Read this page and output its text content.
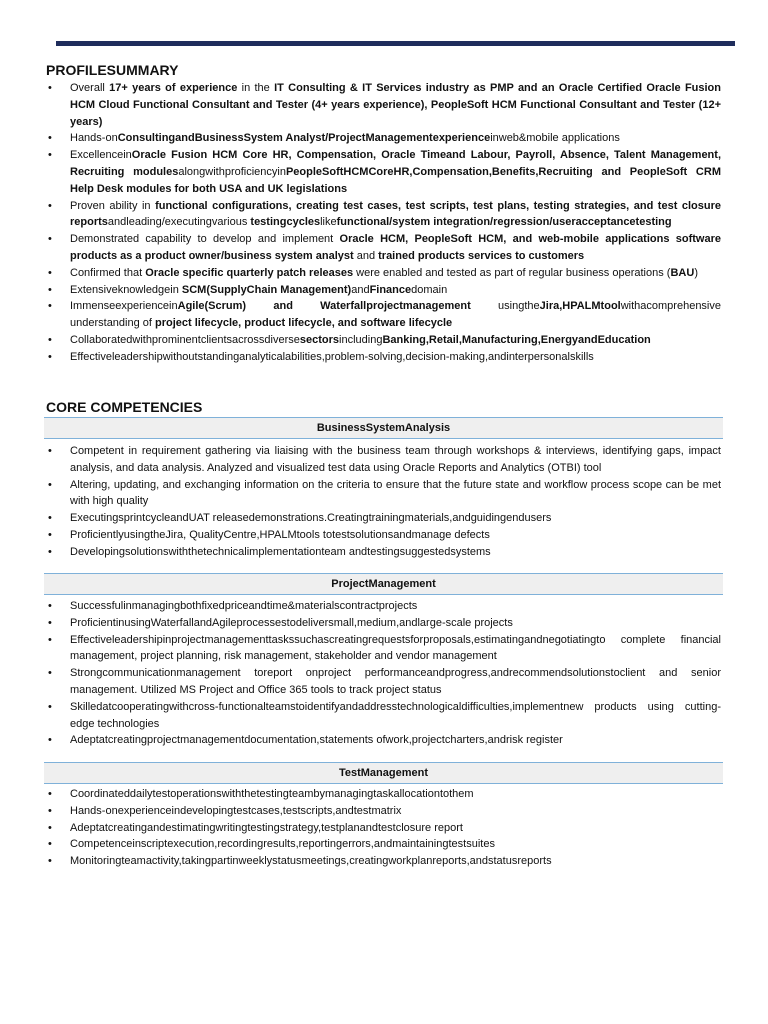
PROFILESUMMARY
• Overall 17+ years of experience in the IT Consulting & IT Services industry as PMP and an Oracle Certified Oracle Fusion HCM Cloud Functional Consultant and Tester (4+ years experience), PeopleSoft HCM Functional Consultant and Tester (12+ years)
• Hands-onConsultingandBusinessSystem Analyst/ProjectManagementexperienceinweb&mobile applications
• ExcellenceinOracle Fusion HCM Core HR, Compensation, Oracle Timeand Labour, Payroll, Absence, Talent Management, Recruiting modulesalongwithproficiencyinPeopleSoftHCMCoreHR,Compensation,Benefits,Recruiting and PeopleSoft CRM Help Desk modules for both USA and UK legislations
• Proven ability in functional configurations, creating test cases, test scripts, test plans, testing strategies, and test closure reportsandleading/executingvarious testingcycleslikefunctional/system integration/regression/useracceptancetesting
• Demonstrated capability to develop and implement Oracle HCM, PeopleSoft HCM, and web-mobile applications software products as a product owner/business system analyst and trained products services to customers
• Confirmed that Oracle specific quarterly patch releases were enabled and tested as part of regular business operations (BAU)
• Extensiveknowledgein SCM(SupplyChain Management)andFinancedomain
• ImmenseexperienceinAgile(Scrum) and Waterfallprojectmanagement usingtheJira,HPALMtoolwithacomprehensive understanding of project lifecycle, product lifecycle, and software lifecycle
• CollaboratedwithprominentclientsacrossdiversesectorsincludingBanking,Retail,Manufacturing,EnergyandEducation
• Effectiveleadershipwithoutstandinganalyticalabilities,problem-solving,decision-making,andinterpersonalskills
CORE COMPETENCIES
BusinessSystemAnalysis
• Competent in requirement gathering via liaising with the business team through workshops & interviews, identifying gaps, impact analysis, and data analysis. Analyzed and visualized test data using Oracle Reports and Analytics (OTBI) tool
• Altering, updating, and exchanging information on the criteria to ensure that the future state and workflow process scope can be met with high quality
• ExecutingsprintcycleandUAT releasedemonstrations.Creatingtrainingmaterials,andguidingendusers
• ProficientlyusingtheJira, QualityCentre,HPALMtools totestsolutionsandmanage defects
• Developingsolutionswiththetechnicalimplementationteam andtestingsuggestedsystems
ProjectManagement
• Successfulinmanagingbothfixedpriceandtime&materialscontractprojects
• ProficientinusingWaterfallandAgileprocessestodeliversmall,medium,andlarge-scale projects
• Effectiveleadershipinprojectmanagementtaskssuchascreatingrequestsforproposals,estimatingandnegotiatingto complete financial management, project planning, risk management, stakeholder and vendor management
• Strongcommunicationmanagement toreport onproject performanceandprogress,andrecommendsolutionstoclient and senior management. Utilized MS Project and Office 365 tools to track project status
• Skilledatcooperatingwithcross-functionalteamstoidentifyandaddresstechnologicaldifficulties,implementnew products using cutting-edge technologies
• Adeptatcreatingprojectmanagementdocumentation,statements ofwork,projectcharters,andrisk register
TestManagement
• Coordinateddailytestoperationswiththetestingteambymanagingtaskallocationtothem
• Hands-onexperienceindevelopingtestcases,testscripts,andtestmatrix
• Adeptatcreatingandestimatingwritingtestingstrategy,testplanandtestclosure report
• Competenceinscriptexecution,recordingresults,reportingerrors,andmaintainingtestsuites
• Monitoringteamactivity,takingpartinweeklystatusmeetings,creatingworkplanreports,andstatusreports
